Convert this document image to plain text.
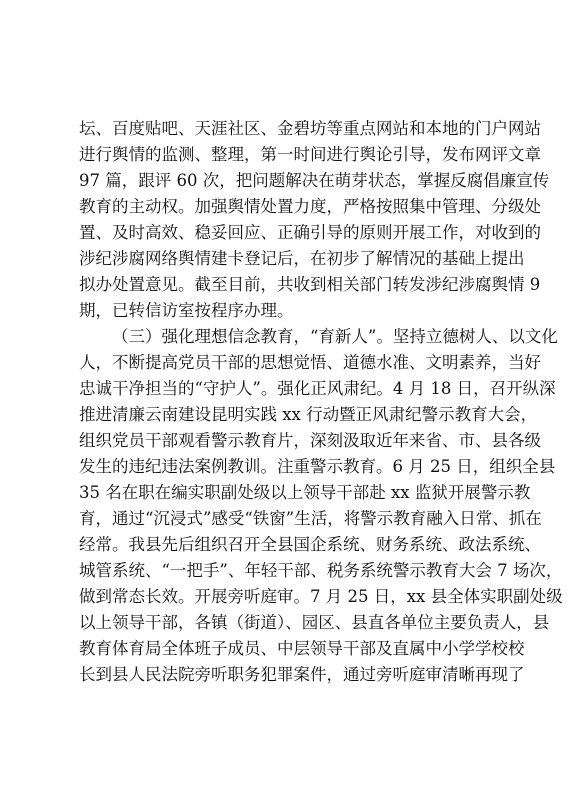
坛、百度贴吧、天涯社区、金碧坊等重点网站和本地的门户网站
进行舆情的监测、整理，第一时间进行舆论引导，发布网评文章
97 篇，跟评 60 次，把问题解决在萌芽状态，掌握反腐倡廉宣传
教育的主动权。加强舆情处置力度，严格按照集中管理、分级处
置、及时高效、稳妥回应、正确引导的原则开展工作，对收到的
涉纪涉腐网络舆情建卡登记后，在初步了解情况的基础上提出
拟办处置意见。截至目前，共收到相关部门转发涉纪涉腐舆情 9
期，已转信访室按程序办理。
（三）强化理想信念教育，“育新人”。坚持立德树人、以文化
人，不断提高党员干部的思想觉悟、道德水准、文明素养，当好
忠诚干净担当的“守护人”。强化正风肃纪。4 月 18 日，召开纵深
推进清廉云南建设昆明实践 xx 行动暨正风肃纪警示教育大会，
组织党员干部观看警示教育片，深刻汲取近年来省、市、县各级
发生的违纪违法案例教训。注重警示教育。6 月 25 日，组织全县
35 名在职在编实职副处级以上领导干部赴 xx 监狱开展警示教
育，通过“沉浸式”感受“铁窗”生活，将警示教育融入日常、抓在
经常。我县先后组织召开全县国企系统、财务系统、政法系统、
城管系统、“一把手”、年轻干部、税务系统警示教育大会 7 场次，
做到常态长效。开展旁听庭审。7 月 25 日，xx 县全体实职副处级
以上领导干部，各镇（街道）、园区、县直各单位主要负责人，县
教育体育局全体班子成员、中层领导干部及直属中小学学校校
长到县人民法院旁听职务犯罪案件，通过旁听庭审清晰再现了
